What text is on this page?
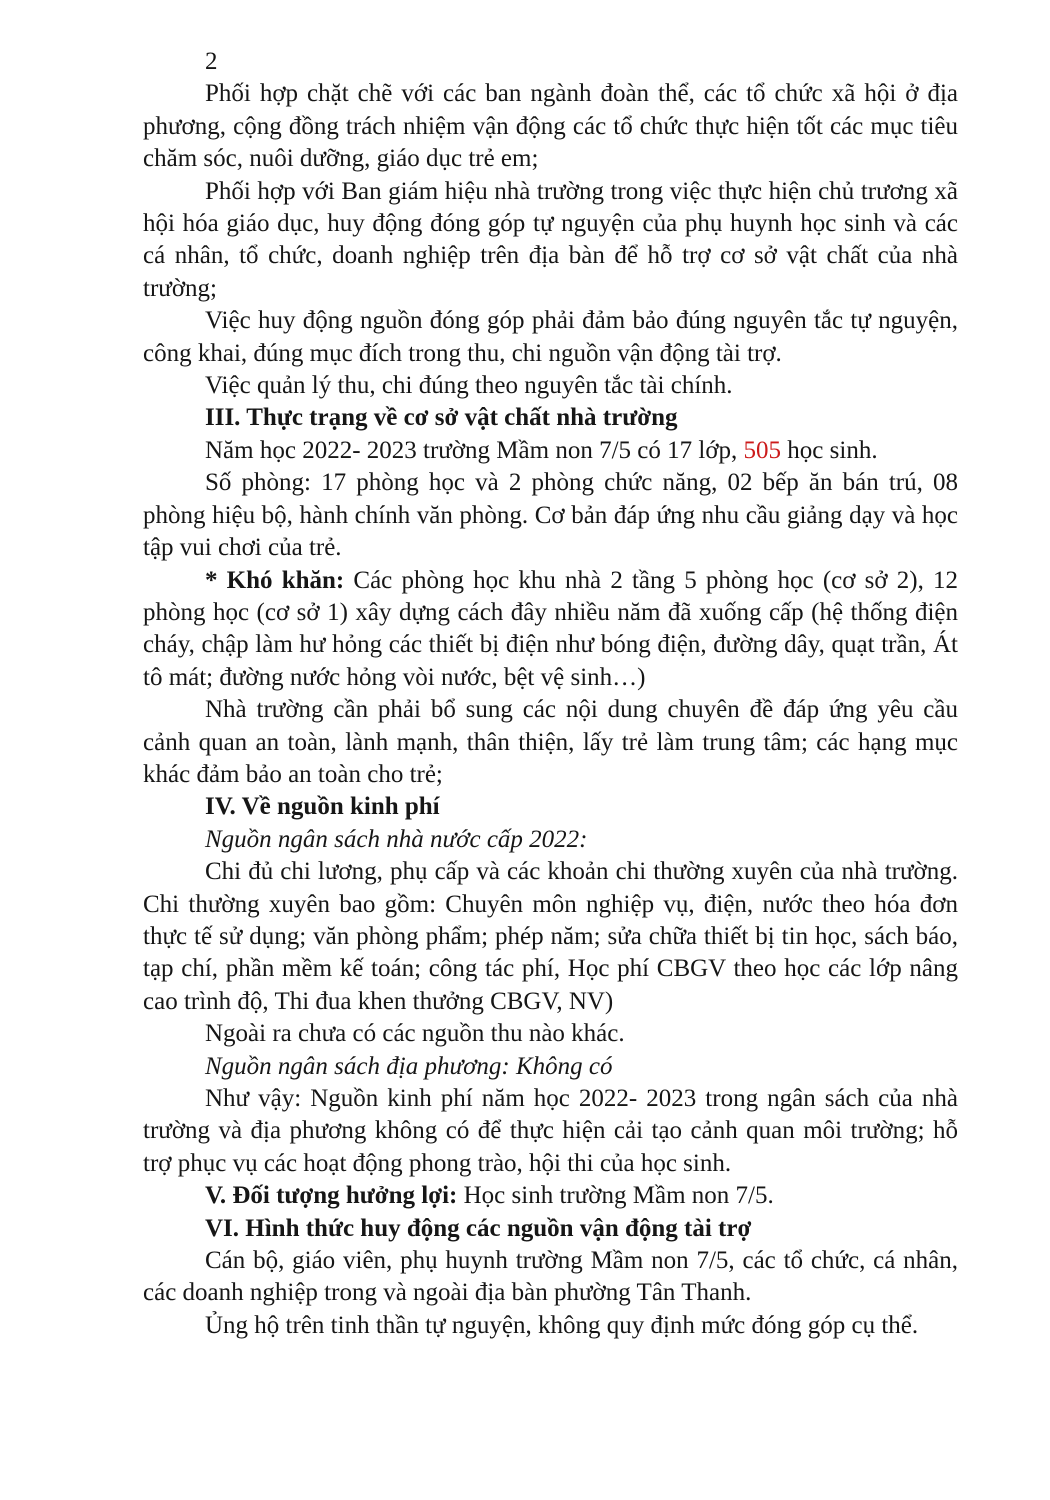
2

Phối hợp chặt chẽ với các ban ngành đoàn thể, các tổ chức xã hội ở địa phương, cộng đồng trách nhiệm vận động các tổ chức thực hiện tốt các mục tiêu chăm sóc, nuôi dưỡng, giáo dục trẻ em;

Phối hợp với Ban giám hiệu nhà trường trong việc thực hiện chủ trương xã hội hóa giáo dục, huy động đóng góp tự nguyện của phụ huynh học sinh và các cá nhân, tổ chức, doanh nghiệp trên địa bàn để hỗ trợ cơ sở vật chất của nhà trường;

Việc huy động nguồn đóng góp phải đảm bảo đúng nguyên tắc tự nguyện, công khai, đúng mục đích trong thu, chi nguồn vận động tài trợ.

Việc quản lý thu, chi đúng theo nguyên tắc tài chính.

III. Thực trạng về cơ sở vật chất nhà trường

Năm học 2022- 2023 trường Mầm non 7/5 có 17 lớp, 505 học sinh.

Số phòng: 17 phòng học và 2 phòng chức năng, 02 bếp ăn bán trú, 08 phòng hiệu bộ, hành chính văn phòng. Cơ bản đáp ứng nhu cầu giảng dạy và học tập vui chơi của trẻ.

* Khó khăn: Các phòng học khu nhà 2 tầng 5 phòng học (cơ sở 2), 12 phòng học (cơ sở 1) xây dựng cách đây nhiều năm đã xuống cấp (hệ thống điện cháy, chập làm hư hỏng các thiết bị điện như bóng điện, đường dây, quạt trần, Át tô mát; đường nước hỏng vòi nước, bệt vệ sinh…)

Nhà trường cần phải bổ sung các nội dung chuyên đề đáp ứng yêu cầu cảnh quan an toàn, lành mạnh, thân thiện, lấy trẻ làm trung tâm; các hạng mục khác đảm bảo an toàn cho trẻ;

IV. Về nguồn kinh phí

Nguồn ngân sách nhà nước cấp 2022:

Chi đủ chi lương, phụ cấp và các khoản chi thường xuyên của nhà trường. Chi thường xuyên bao gồm: Chuyên môn nghiệp vụ, điện, nước theo hóa đơn thực tế sử dụng; văn phòng phẩm; phép năm; sửa chữa thiết bị tin học, sách báo, tạp chí, phần mềm kế toán; công tác phí, Học phí CBGV theo học các lớp nâng cao trình độ, Thi đua khen thưởng CBGV, NV)

Ngoài ra chưa có các nguồn thu nào khác.

Nguồn ngân sách địa phương: Không có

Như vậy: Nguồn kinh phí năm học 2022- 2023 trong ngân sách của nhà trường và địa phương không có để thực hiện cải tạo cảnh quan môi trường; hỗ trợ phục vụ các hoạt động phong trào, hội thi của học sinh.

V. Đối tượng hưởng lợi: Học sinh trường Mầm non 7/5.

VI. Hình thức huy động các nguồn vận động tài trợ

Cán bộ, giáo viên, phụ huynh trường Mầm non 7/5, các tổ chức, cá nhân, các doanh nghiệp trong và ngoài địa bàn phường Tân Thanh.

Ủng hộ trên tinh thần tự nguyện, không quy định mức đóng góp cụ thể.
